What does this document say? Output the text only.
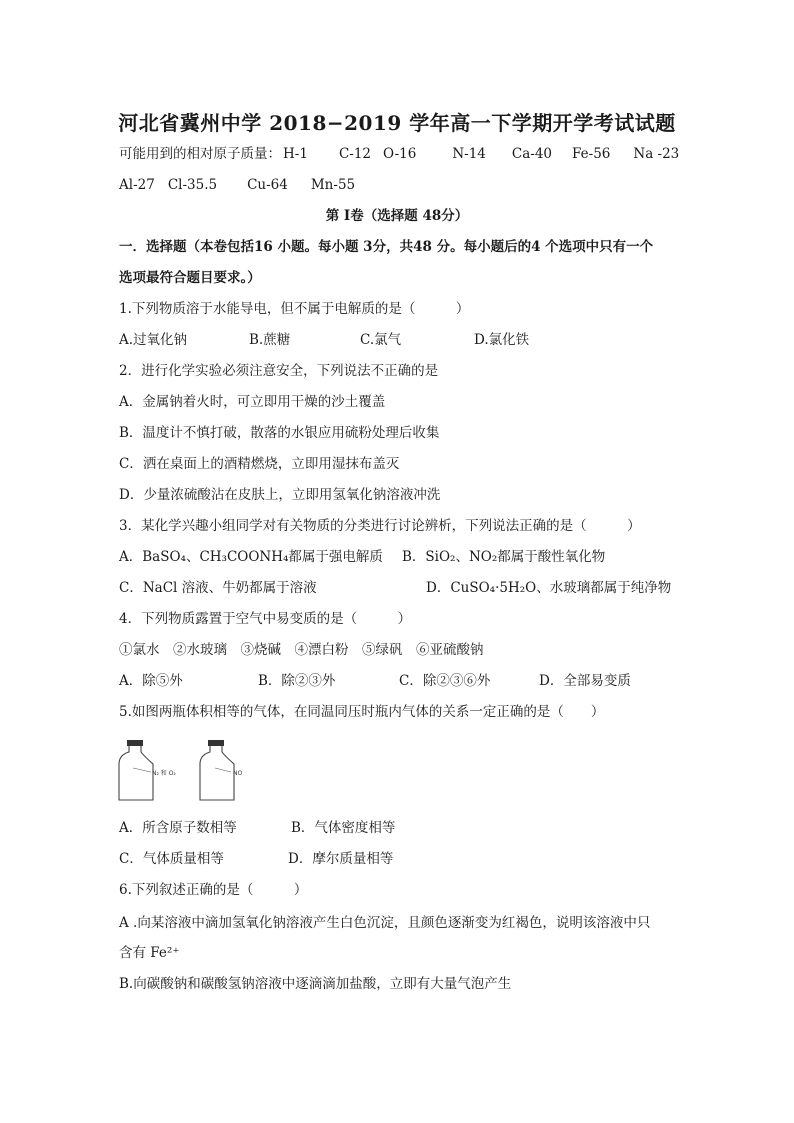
河北省冀州中学 2018−2019 学年高一下学期开学考试试题
可能用到的相对原子质量： H-1 C-12 O-16	N-14 Ca-40 Fe-56 Na -23
Al-27 Cl-35.5 Cu-64 Mn-55
第 I卷（选择题 48分）
一．选择题（本卷包括16 小题。每小题 3分，共48 分。每小题后的4 个选项中只有一个
选项最符合题目要求。）
1.下列物质溶于水能导电，但不属于电解质的是（　　　）
A.过氧化钠	B.蔗糖	C.氯气	D.氯化铁
2．进行化学实验必须注意安全，下列说法不正确的是
A．金属钠着火时，可立即用干燥的沙土覆盖
B．温度计不慎打破，散落的水银应用硫粉处理后收集
C．洒在桌面上的酒精燃烧，立即用湿抹布盖灭
D．少量浓硫酸沾在皮肤上，立即用氢氧化钠溶液冲洗
3．某化学兴趣小组同学对有关物质的分类进行讨论辨析，下列说法正确的是（　　　）
A．BaSO₄、CH₃COONH₄都属于强电解质 B．SiO₂、NO₂都属于酸性氧化物
C．NaCl 溶液、牛奶都属于溶液	D．CuSO₄·5H₂O、水玻璃都属于纯净物
4．下列物质露置于空气中易变质的是（　　　）
①氯水　②水玻璃　③烧碱　④漂白粉　⑤绿矾　⑥亚硫酸钠
A．除⑤外	B．除②③外	C．除②③⑥外	D．全部易变质
5.如图两瓶体积相等的气体，在同温同压时瓶内气体的关系一定正确的是（　　）
N₂ 和 O₂	NO
A．所含原子数相等	B．气体密度相等
C．气体质量相等	D．摩尔质量相等
6.下列叙述正确的是（　　　）
A .向某溶液中滴加氢氧化钠溶液产生白色沉淀，且颜色逐渐变为红褐色，说明该溶液中只
含有 Fe²⁺
B.向碳酸钠和碳酸氢钠溶液中逐滴滴加盐酸，立即有大量气泡产生
